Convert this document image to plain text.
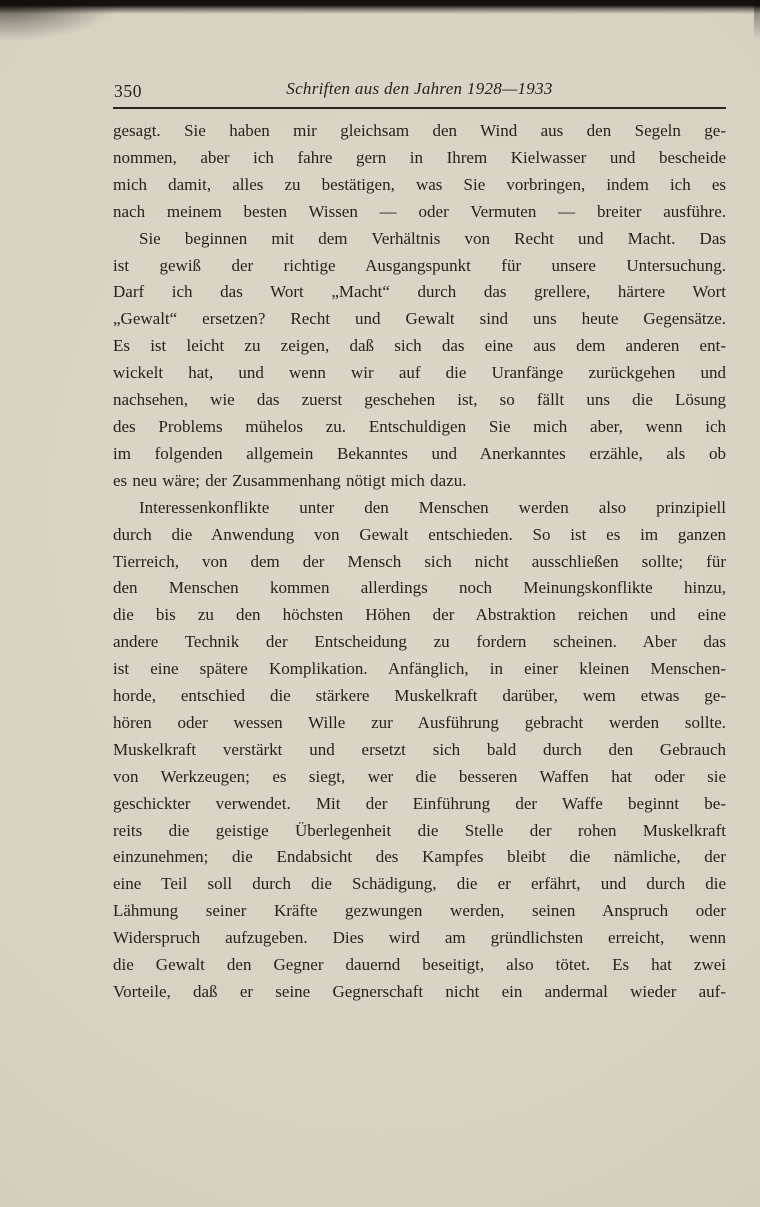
350	Schriften aus den Jahren 1928—1933
gesagt. Sie haben mir gleichsam den Wind aus den Segeln ge-
nommen, aber ich fahre gern in Ihrem Kielwasser und bescheide
mich damit, alles zu bestätigen, was Sie vorbringen, indem ich es
nach meinem besten Wissen — oder Vermuten — breiter ausführe.
Sie beginnen mit dem Verhältnis von Recht und Macht. Das
ist gewiß der richtige Ausgangspunkt für unsere Untersuchung.
Darf ich das Wort „Macht“ durch das grellere, härtere Wort
„Gewalt“ ersetzen? Recht und Gewalt sind uns heute Gegensätze.
Es ist leicht zu zeigen, daß sich das eine aus dem anderen ent-
wickelt hat, und wenn wir auf die Uranfänge zurückgehen und
nachsehen, wie das zuerst geschehen ist, so fällt uns die Lösung
des Problems mühelos zu. Entschuldigen Sie mich aber, wenn ich
im folgenden allgemein Bekanntes und Anerkanntes erzähle, als ob
es neu wäre; der Zusammenhang nötigt mich dazu.
Interessenkonflikte unter den Menschen werden also prinzipiell
durch die Anwendung von Gewalt entschieden. So ist es im ganzen
Tierreich, von dem der Mensch sich nicht ausschließen sollte; für
den Menschen kommen allerdings noch Meinungskonflikte hinzu,
die bis zu den höchsten Höhen der Abstraktion reichen und eine
andere Technik der Entscheidung zu fordern scheinen. Aber das
ist eine spätere Komplikation. Anfänglich, in einer kleinen Menschen-
horde, entschied die stärkere Muskelkraft darüber, wem etwas ge-
hören oder wessen Wille zur Ausführung gebracht werden sollte.
Muskelkraft verstärkt und ersetzt sich bald durch den Gebrauch
von Werkzeugen; es siegt, wer die besseren Waffen hat oder sie
geschickter verwendet. Mit der Einführung der Waffe beginnt be-
reits die geistige Überlegenheit die Stelle der rohen Muskelkraft
einzunehmen; die Endabsicht des Kampfes bleibt die nämliche, der
eine Teil soll durch die Schädigung, die er erfährt, und durch die
Lähmung seiner Kräfte gezwungen werden, seinen Anspruch oder
Widerspruch aufzugeben. Dies wird am gründlichsten erreicht, wenn
die Gewalt den Gegner dauernd beseitigt, also tötet. Es hat zwei
Vorteile, daß er seine Gegnerschaft nicht ein andermal wieder auf-
